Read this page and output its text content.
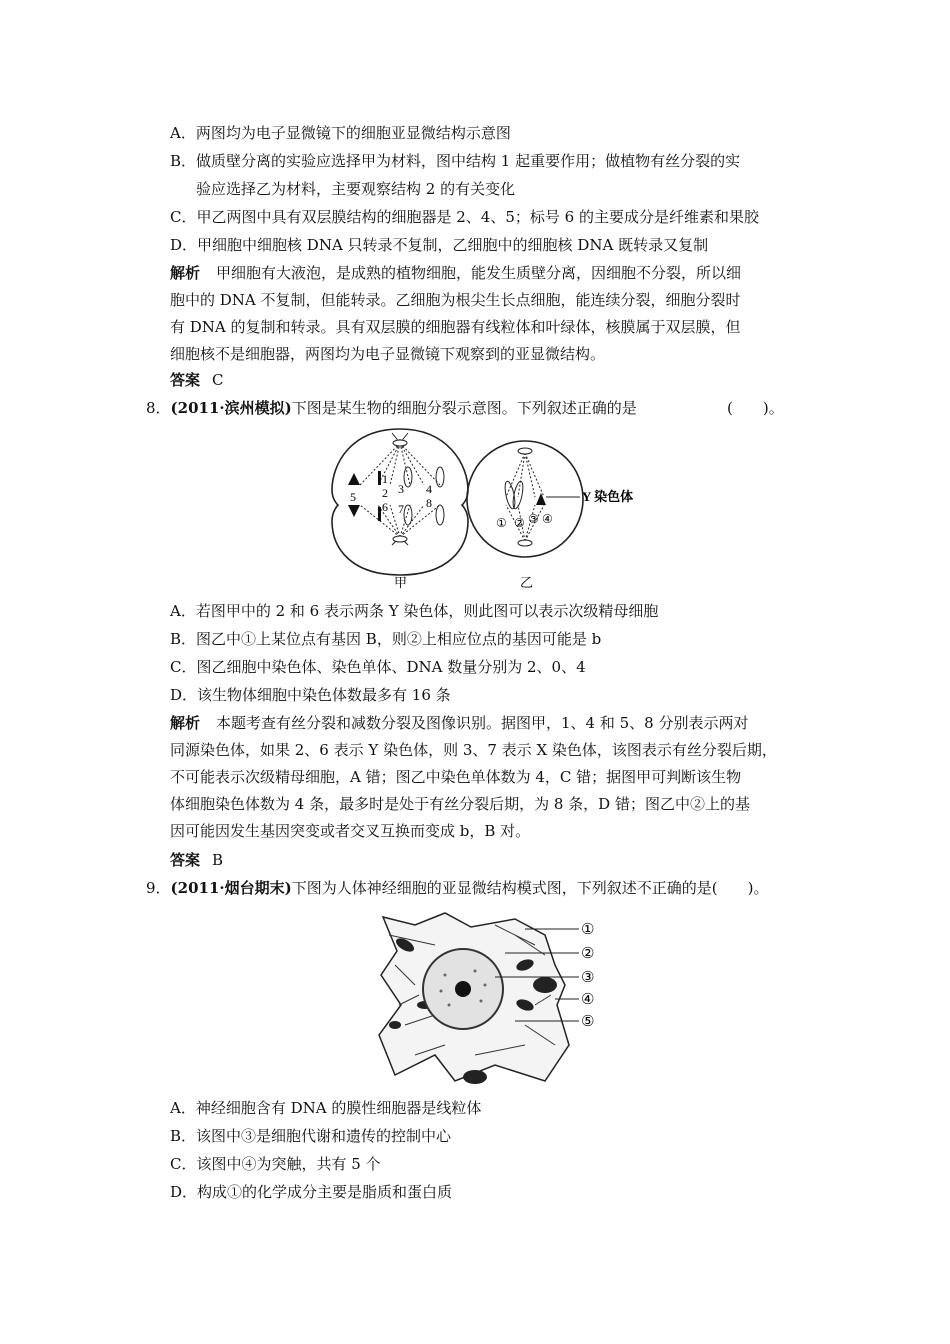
A．两图均为电子显微镜下的细胞亚显微结构示意图
B．做质壁分离的实验应选择甲为材料，图中结构 1 起重要作用；做植物有丝分裂的实
验应选择乙为材料，主要观察结构 2 的有关变化
C．甲乙两图中具有双层膜结构的细胞器是 2、4、5；标号 6 的主要成分是纤维素和果胶
D．甲细胞中细胞核 DNA 只转录不复制，乙细胞中的细胞核 DNA 既转录又复制
解析 甲细胞有大液泡，是成熟的植物细胞，能发生质壁分离，因细胞不分裂，所以细
胞中的 DNA 不复制，但能转录。乙细胞为根尖生长点细胞，能连续分裂，细胞分裂时
有 DNA 的复制和转录。具有双层膜的细胞器有线粒体和叶绿体，核膜属于双层膜，但
细胞核不是细胞器，两图均为电子显微镜下观察到的亚显微结构。
答案 C
8．(2011·滨州模拟)下图是某生物的细胞分裂示意图。下列叙述正确的是	(　　)。
5
1
2
6
3
7
4
8	Y 染色体
① ② ③ ④
甲	乙
A．若图甲中的 2 和 6 表示两条 Y 染色体，则此图可以表示次级精母细胞
B．图乙中①上某位点有基因 B，则②上相应位点的基因可能是 b
C．图乙细胞中染色体、染色单体、DNA 数量分别为 2、0、4
D．该生物体细胞中染色体数最多有 16 条
解析 本题考查有丝分裂和减数分裂及图像识别。据图甲，1、4 和 5、8 分别表示两对
同源染色体，如果 2、6 表示 Y 染色体，则 3、7 表示 X 染色体，该图表示有丝分裂后期，
不可能表示次级精母细胞，A 错；图乙中染色单体数为 4，C 错；据图甲可判断该生物
体细胞染色体数为 4 条，最多时是处于有丝分裂后期，为 8 条，D 错；图乙中②上的基
因可能因发生基因突变或者交叉互换而变成 b，B 对。
答案 B
9．(2011·烟台期末)下图为人体神经细胞的亚显微结构模式图，下列叙述不正确的是(　　)。
①
②
③
④
⑤
A．神经细胞含有 DNA 的膜性细胞器是线粒体
B．该图中③是细胞代谢和遗传的控制中心
C．该图中④为突触，共有 5 个
D．构成①的化学成分主要是脂质和蛋白质
